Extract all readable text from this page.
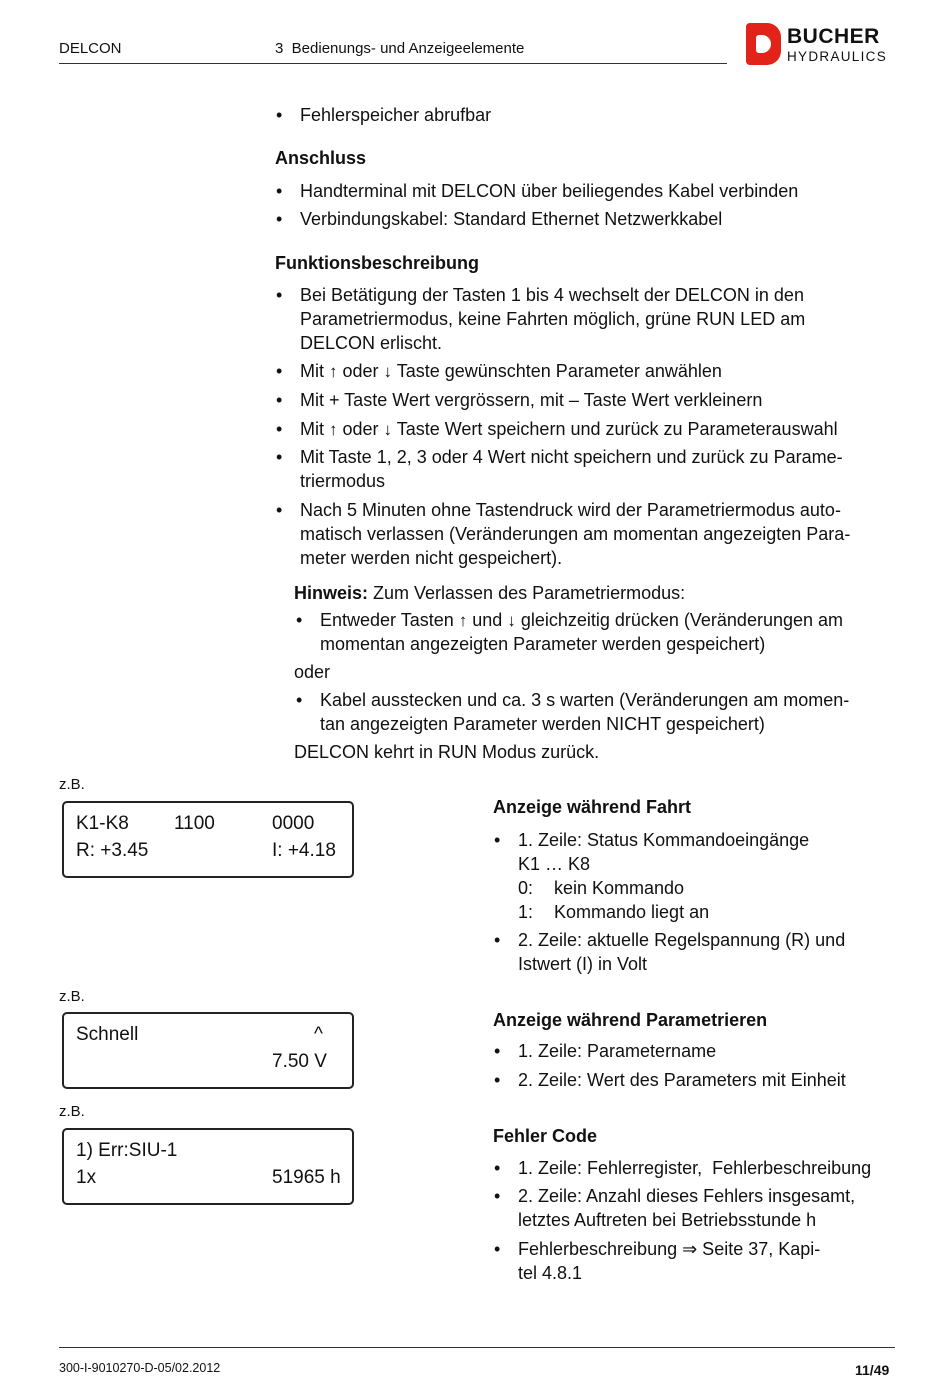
DELCON	3  Bedienungs- und Anzeigeelemente
BUCHER
HYDRAULICS
• Fehlerspeicher abrufbar
Anschluss
• Handterminal mit DELCON über beiliegendes Kabel verbinden
• Verbindungskabel: Standard Ethernet Netzwerkkabel
Funktionsbeschreibung
• Bei Betätigung der Tasten 1 bis 4 wechselt der DELCON in den
Parametriermodus, keine Fahrten möglich, grüne RUN LED am
DELCON erlischt.
• Mit ↑ oder ↓ Taste gewünschten Parameter anwählen
• Mit + Taste Wert vergrössern, mit – Taste Wert verkleinern
• Mit ↑ oder ↓ Taste Wert speichern und zurück zu Parameterauswahl
• Mit Taste 1, 2, 3 oder 4 Wert nicht speichern und zurück zu Parame-
triermodus
• Nach 5 Minuten ohne Tastendruck wird der Parametriermodus auto-
matisch verlassen (Veränderungen am momentan angezeigten Para-
meter werden nicht gespeichert).
Hinweis: Zum Verlassen des Parametriermodus:
• Entweder Tasten ↑ und ↓ gleichzeitig drücken (Veränderungen am
momentan angezeigten Parameter werden gespeichert)
oder
• Kabel ausstecken und ca. 3 s warten (Veränderungen am momen-
tan angezeigten Parameter werden NICHT gespeichert)
DELCON kehrt in RUN Modus zurück.
z.B.
K1-K8 1100	0000
R: +3.45	I: +4.18
Anzeige während Fahrt
• 1. Zeile: Status Kommandoeingänge
K1 … K8
0: kein Kommando
1: Kommando liegt an
• 2. Zeile: aktuelle Regelspannung (R) und
Istwert (I) in Volt
z.B.
Schnell	^
7.50 V
Anzeige während Parametrieren
• 1. Zeile: Parametername
• 2. Zeile: Wert des Parameters mit Einheit
z.B.
1) Err:SIU-1
1x	51965 h
Fehler Code
• 1. Zeile: Fehlerregister,  Fehlerbeschreibung
• 2. Zeile: Anzahl dieses Fehlers insgesamt,
letztes Auftreten bei Betriebsstunde h
• Fehlerbeschreibung ⇒ Seite 37, Kapi-
tel 4.8.1
300-I-9010270-D-05/02.2012	11/49
